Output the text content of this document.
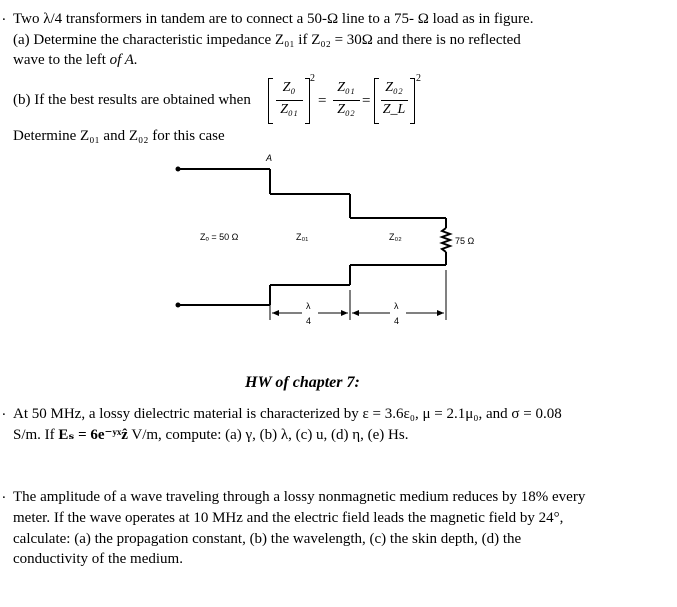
. Two λ/4 transformers in tandem are to connect a 50-Ω line to a 75- Ω load as in figure.
(a) Determine the characteristic impedance Z₀₁ if Z₀₂ = 30Ω and there is no reflected
wave to the left of A.
(b) If the best results are obtained when
Determine Z₀₁ and Z₀₂ for this case
Z₀
Z₀₁
2
=
Z₀₁
Z₀₂
=
Z₀₂
Z_L
2
A
Zₒ = 50 Ω	Z₀₁	Z₀₂	75 Ω
λ
4
λ
4
HW of chapter 7:
. At 50 MHz, a lossy dielectric material is characterized by ε = 3.6ε₀, μ = 2.1μ₀, and σ = 0.08
S/m. If Eₛ = 6e⁻ʸˣẑ V/m, compute: (a) γ, (b) λ, (c) u, (d) η, (e) Hs.
. The amplitude of a wave traveling through a lossy nonmagnetic medium reduces by 18% every
meter. If the wave operates at 10 MHz and the electric field leads the magnetic field by 24°,
calculate: (a) the propagation constant, (b) the wavelength, (c) the skin depth, (d) the
conductivity of the medium.
